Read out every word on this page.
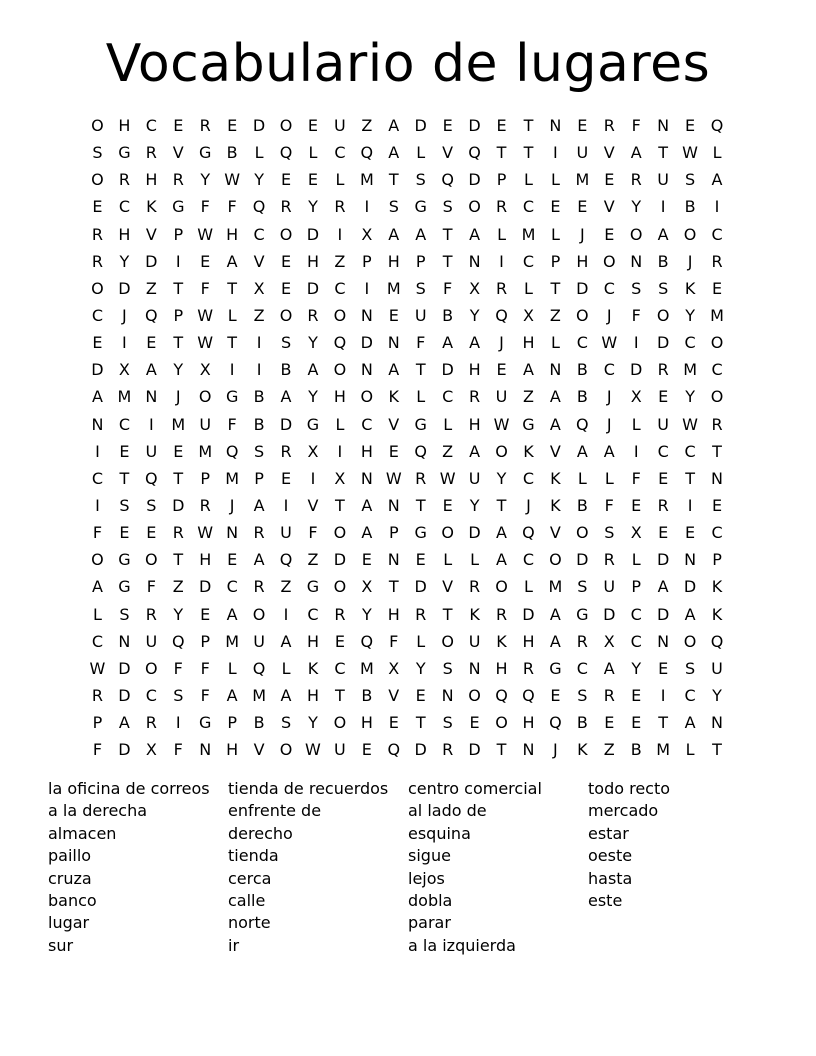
Vocabulario de lugares
O H C	E	R	E D O E	U Z A D E D E	T	N E	R	F	N E Q
S G R V G B	L	Q	L	C Q A	L	V Q T	T	I	U V A	T W L
O R H R	Y W Y	E	E	L M T	S Q D P	L	L M E	R U	S	A
E	C	K G	F	F	Q R	Y	R	I	S G S O R C	E	E	V	Y	I	B	I
R H V	P W H C O D	I	X A A	T	A	L M L	J	E O A O C
R	Y D	I	E	A V	E H Z	P	H	P	T	N	I	C	P	H O N B	J	R
O D Z	T	F	T	X	E D C	I	M S	F	X R	L	T D C	S	S	K	E
C	J	Q P W L	Z O R O N E	U B	Y Q X Z O	J	F	O Y M
E	I	E	T W T	I	S	Y Q D N	F	A A	J	H	L	C W	I	D C O
D X A	Y	X	I	I	B A O N A	T D H E	A N B C D R M C
A M N	J	O G B A	Y	H O K	L	C R U Z A B	J	X	E	Y O
N C	I	M U	F	B D G	L	C V G	L	H W G A Q	J	L	U W R
I	E	U	E M Q S	R X	I	H E Q Z A O K	V A A	I	C C	T
C	T Q T	P M P	E	I	X N W R W U	Y	C	K	L	L	F	E	T	N
I	S	S D R	J	A	I	V	T	A N	T	E	Y	T	J	K	B	F	E	R	I	E
F	E	E	R W N R U	F	O A	P G O D A Q V O S	X	E	E	C
O G O T	H E	A Q Z D E N E	L	L	A C O D R	L	D N	P
A G	F	Z D C R Z G O X	T D V R O	L M S	U	P	A D K
L	S	R	Y	E	A O	I	C R	Y	H R	T	K	R D A G D C D A	K
C N U Q P M U A H E Q	F	L	O U K H A R X C N O Q
W D O	F	F	L	Q	L	K	C M X	Y	S N H R G C A	Y	E	S	U
R D C	S	F	A M A H	T	B V	E N O Q Q E	S	R	E	I	C	Y
P	A R	I	G P	B	S	Y O H E	T	S	E O H Q B	E	E	T	A N
F	D X	F	N H V O W U	E Q D R D T	N	J	K	Z B M L	T
la oficina de correos
a la derecha
almacen
paillo
cruza
banco
lugar
sur
tienda de recuerdos
enfrente de
derecho
tienda
cerca
calle
norte
ir
centro comercial
al lado de
esquina
sigue
lejos
dobla
parar
a la izquierda
todo recto
mercado
estar
oeste
hasta
este
